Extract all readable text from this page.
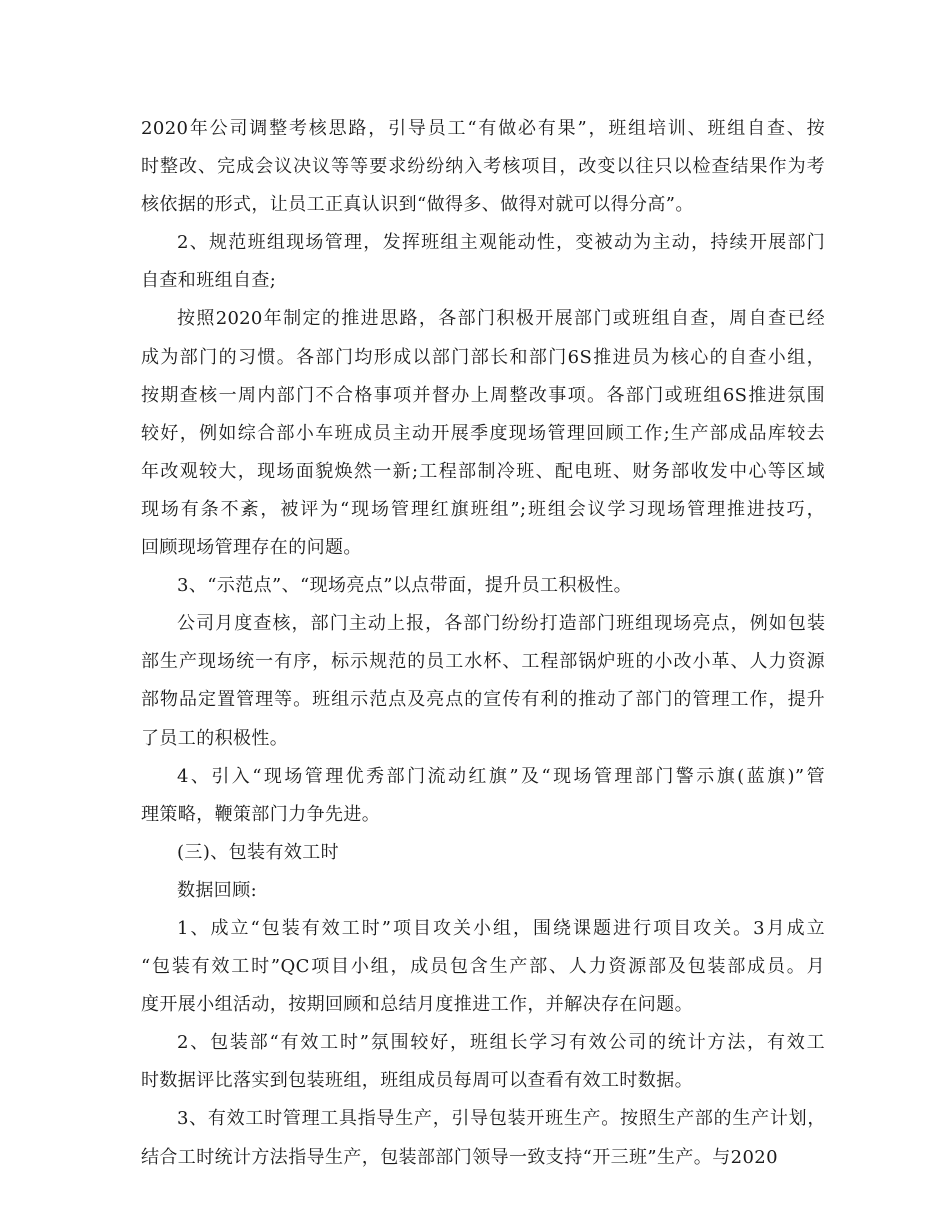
2020年公司调整考核思路，引导员工“有做必有果”，班组培训、班组自查、按
时整改、完成会议决议等等要求纷纷纳入考核项目，改变以往只以检查结果作为考
核依据的形式，让员工正真认识到“做得多、做得对就可以得分高”。
2、规范班组现场管理，发挥班组主观能动性，变被动为主动，持续开展部门
自查和班组自查;
按照2020年制定的推进思路，各部门积极开展部门或班组自查，周自查已经
成为部门的习惯。各部门均形成以部门部长和部门6S推进员为核心的自查小组，
按期查核一周内部门不合格事项并督办上周整改事项。各部门或班组6S推进氛围
较好，例如综合部小车班成员主动开展季度现场管理回顾工作;生产部成品库较去
年改观较大，现场面貌焕然一新;工程部制冷班、配电班、财务部收发中心等区域
现场有条不紊，被评为“现场管理红旗班组”;班组会议学习现场管理推进技巧，
回顾现场管理存在的问题。
3、“示范点”、“现场亮点”以点带面，提升员工积极性。
公司月度查核，部门主动上报，各部门纷纷打造部门班组现场亮点，例如包装
部生产现场统一有序，标示规范的员工水杯、工程部锅炉班的小改小革、人力资源
部物品定置管理等。班组示范点及亮点的宣传有利的推动了部门的管理工作，提升
了员工的积极性。
4、引入“现场管理优秀部门流动红旗”及“现场管理部门警示旗(蓝旗)”管
理策略，鞭策部门力争先进。
(三)、包装有效工时
数据回顾:
1、成立“包装有效工时”项目攻关小组，围绕课题进行项目攻关。3月成立
“包装有效工时”QC项目小组，成员包含生产部、人力资源部及包装部成员。月
度开展小组活动，按期回顾和总结月度推进工作，并解决存在问题。
2、包装部“有效工时”氛围较好，班组长学习有效公司的统计方法，有效工
时数据评比落实到包装班组，班组成员每周可以查看有效工时数据。
3、有效工时管理工具指导生产，引导包装开班生产。按照生产部的生产计划，
结合工时统计方法指导生产，包装部部门领导一致支持“开三班”生产。与2020
